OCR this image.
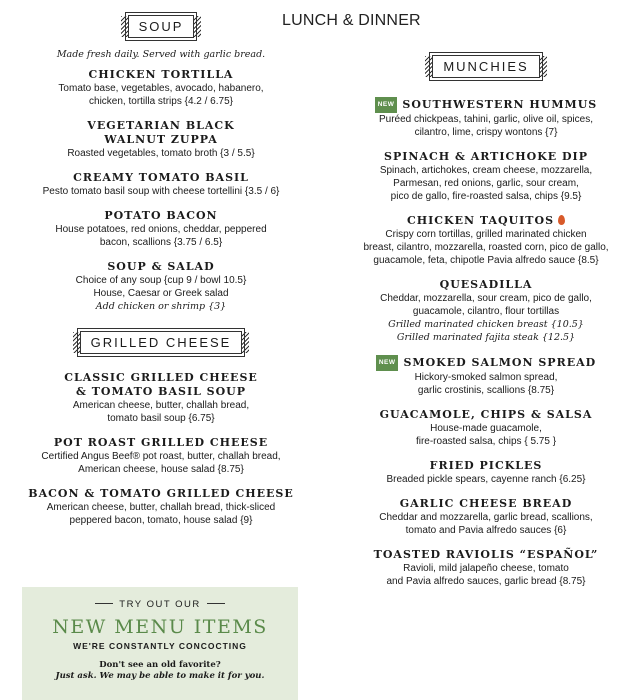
LUNCH & DINNER
SOUP
Made fresh daily. Served with garlic bread.
CHICKEN TORTILLA
Tomato base, vegetables, avocado, habanero,
chicken, tortilla strips {4.2 / 6.75}
VEGETARIAN BLACK
WALNUT ZUPPA
Roasted vegetables, tomato broth {3 / 5.5}
CREAMY TOMATO BASIL
Pesto tomato basil soup with cheese tortellini {3.5 / 6}
POTATO BACON
House potatoes, red onions, cheddar, peppered
bacon, scallions {3.75 / 6.5}
SOUP & SALAD
Choice of any soup {cup 9 / bowl 10.5}
House, Caesar or Greek salad
Add chicken or shrimp {3}
GRILLED CHEESE
CLASSIC GRILLED CHEESE
& TOMATO BASIL SOUP
American cheese, butter, challah bread,
tomato basil soup {6.75}
POT ROAST GRILLED CHEESE
Certified Angus Beef® pot roast, butter, challah bread,
American cheese, house salad {8.75}
BACON & TOMATO GRILLED CHEESE
American cheese, butter, challah bread, thick-sliced
peppered bacon, tomato, house salad {9}
TRY OUT OUR
NEW MENU ITEMS
WE'RE CONSTANTLY CONCOCTING
Don't see an old favorite?
Just ask. We may be able to make it for you.
MUNCHIES
NEW SOUTHWESTERN HUMMUS
Puréed chickpeas, tahini, garlic, olive oil, spices,
cilantro, lime, crispy wontons {7}
SPINACH & ARTICHOKE DIP
Spinach, artichokes, cream cheese, mozzarella,
Parmesan, red onions, garlic, sour cream,
pico de gallo, fire-roasted salsa, chips {9.5}
CHICKEN TAQUITOS
Crispy corn tortillas, grilled marinated chicken
breast, cilantro, mozzarella, roasted corn, pico de gallo,
guacamole, feta, chipotle Pavia alfredo sauce {8.5}
QUESADILLA
Cheddar, mozzarella, sour cream, pico de gallo,
guacamole, cilantro, flour tortillas
Grilled marinated chicken breast {10.5}
Grilled marinated fajita steak {12.5}
NEW SMOKED SALMON SPREAD
Hickory-smoked salmon spread,
garlic crostinis, scallions {8.75}
GUACAMOLE, CHIPS & SALSA
House-made guacamole,
fire-roasted salsa, chips { 5.75 }
FRIED PICKLES
Breaded pickle spears, cayenne ranch {6.25}
GARLIC CHEESE BREAD
Cheddar and mozzarella, garlic bread, scallions,
tomato and Pavia alfredo sauces {6}
TOASTED RAVIOLIS “ESPAÑOL”
Ravioli, mild jalapeño cheese, tomato
and Pavia alfredo sauces, garlic bread {8.75}
